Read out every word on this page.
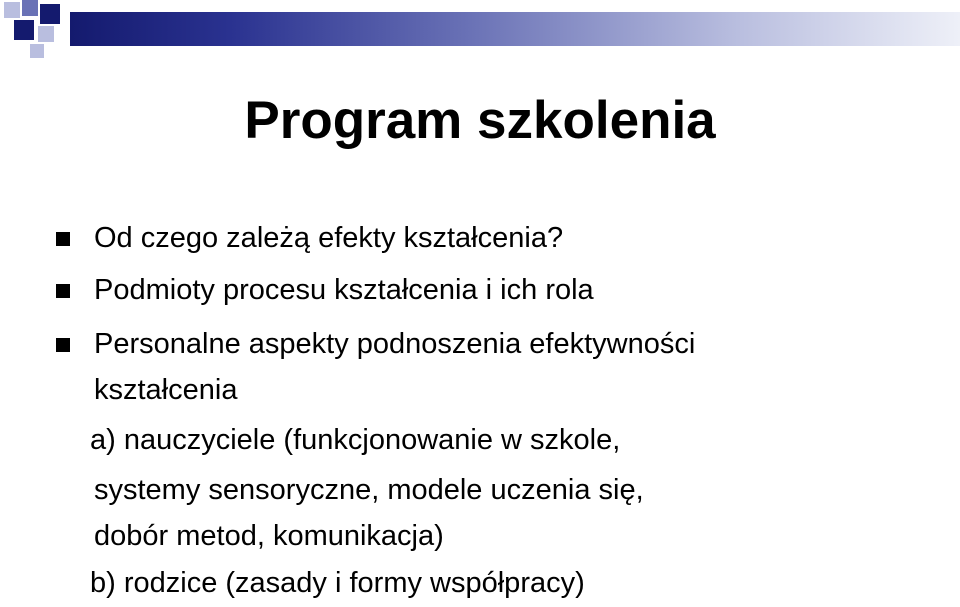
Program szkolenia
Od czego zależą efekty kształcenia?
Podmioty procesu kształcenia i ich rola
Personalne aspekty podnoszenia efektywności
kształcenia
a) nauczyciele (funkcjonowanie w szkole,
systemy sensoryczne, modele uczenia się,
dobór metod, komunikacja)
b) rodzice (zasady i formy współpracy)
